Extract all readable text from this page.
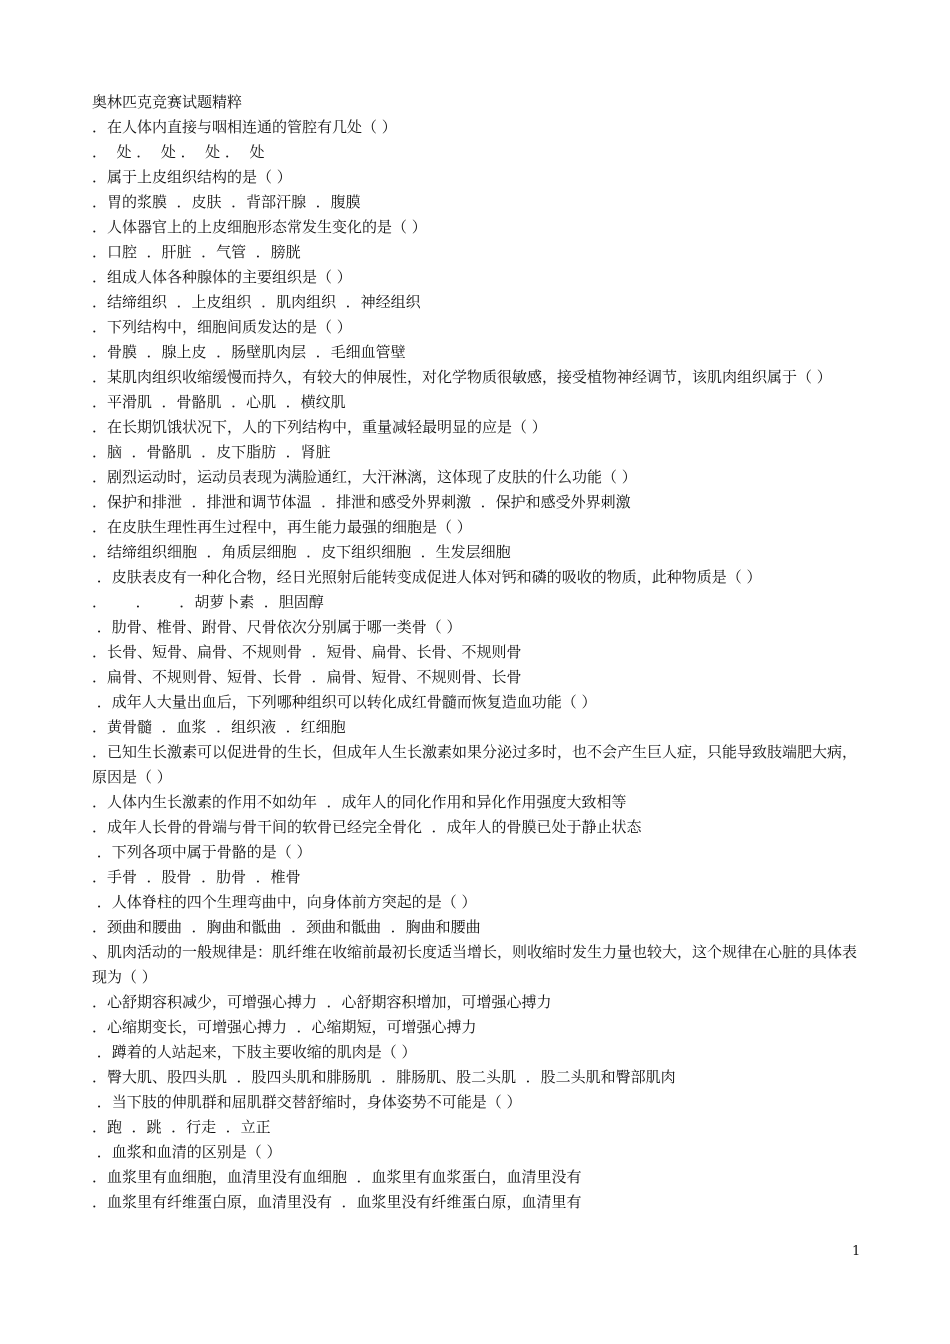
奥林匹克竞赛试题精粹
．在人体内直接与咽相连通的管腔有几处（ ）
．  处 ．  处 ．  处 ．  处
．属于上皮组织结构的是（ ）
．胃的浆膜  ．皮肤  ．背部汗腺  ．腹膜
．人体器官上的上皮细胞形态常发生变化的是（ ）
．口腔  ．肝脏  ．气管  ．膀胱
．组成人体各种腺体的主要组织是（ ）
．结缔组织  ．上皮组织  ．肌肉组织  ．神经组织
．下列结构中，细胞间质发达的是（ ）
．骨膜  ．腺上皮  ．肠壁肌肉层  ．毛细血管壁
．某肌肉组织收缩缓慢而持久，有较大的伸展性，对化学物质很敏感，接受植物神经调节，该肌肉组织属于（ ）
．平滑肌  ．骨骼肌  ．心肌  ．横纹肌
．在长期饥饿状况下，人的下列结构中，重量减轻最明显的应是（ ）
．脑  ．骨骼肌  ．皮下脂肪  ．肾脏
．剧烈运动时，运动员表现为满脸通红，大汗淋漓，这体现了皮肤的什么功能（ ）
．保护和排泄  ．排泄和调节体温  ．排泄和感受外界刺激  ．保护和感受外界刺激
．在皮肤生理性再生过程中，再生能力最强的细胞是（ ）
．结缔组织细胞  ．角质层细胞  ．皮下组织细胞  ．生发层细胞
．皮肤表皮有一种化合物，经日光照射后能转变成促进人体对钙和磷的吸收的物质，此种物质是（ ）
．      ．      ．胡萝卜素  ．胆固醇
．肋骨、椎骨、跗骨、尺骨依次分别属于哪一类骨（ ）
．长骨、短骨、扁骨、不规则骨  ．短骨、扁骨、长骨、不规则骨
．扁骨、不规则骨、短骨、长骨  ．扁骨、短骨、不规则骨、长骨
．成年人大量出血后，下列哪种组织可以转化成红骨髓而恢复造血功能（ ）
．黄骨髓  ．血浆  ．组织液  ．红细胞
．已知生长激素可以促进骨的生长，但成年人生长激素如果分泌过多时，也不会产生巨人症，只能导致肢端肥大病，原因是（ ）
．人体内生长激素的作用不如幼年  ．成年人的同化作用和异化作用强度大致相等
．成年人长骨的骨端与骨干间的软骨已经完全骨化  ．成年人的骨膜已处于静止状态
．下列各项中属于骨骼的是（ ）
．手骨  ．股骨  ．肋骨  ．椎骨
．人体脊柱的四个生理弯曲中，向身体前方突起的是（ ）
．颈曲和腰曲  ．胸曲和骶曲  ．颈曲和骶曲  ．胸曲和腰曲
、肌肉活动的一般规律是：肌纤维在收缩前最初长度适当增长，则收缩时发生力量也较大，这个规律在心脏的具体表现为（ ）
．心舒期容积减少，可增强心搏力  ．心舒期容积增加，可增强心搏力
．心缩期变长，可增强心搏力  ．心缩期短，可增强心搏力
．蹲着的人站起来，下肢主要收缩的肌肉是（ ）
．臀大肌、股四头肌  ．股四头肌和腓肠肌  ．腓肠肌、股二头肌  ．股二头肌和臀部肌肉
．当下肢的伸肌群和屈肌群交替舒缩时，身体姿势不可能是（ ）
．跑  ．跳  ．行走  ．立正
．血浆和血清的区别是（ ）
．血浆里有血细胞，血清里没有血细胞  ．血浆里有血浆蛋白，血清里没有
．血浆里有纤维蛋白原，血清里没有  ．血浆里没有纤维蛋白原，血清里有
1
